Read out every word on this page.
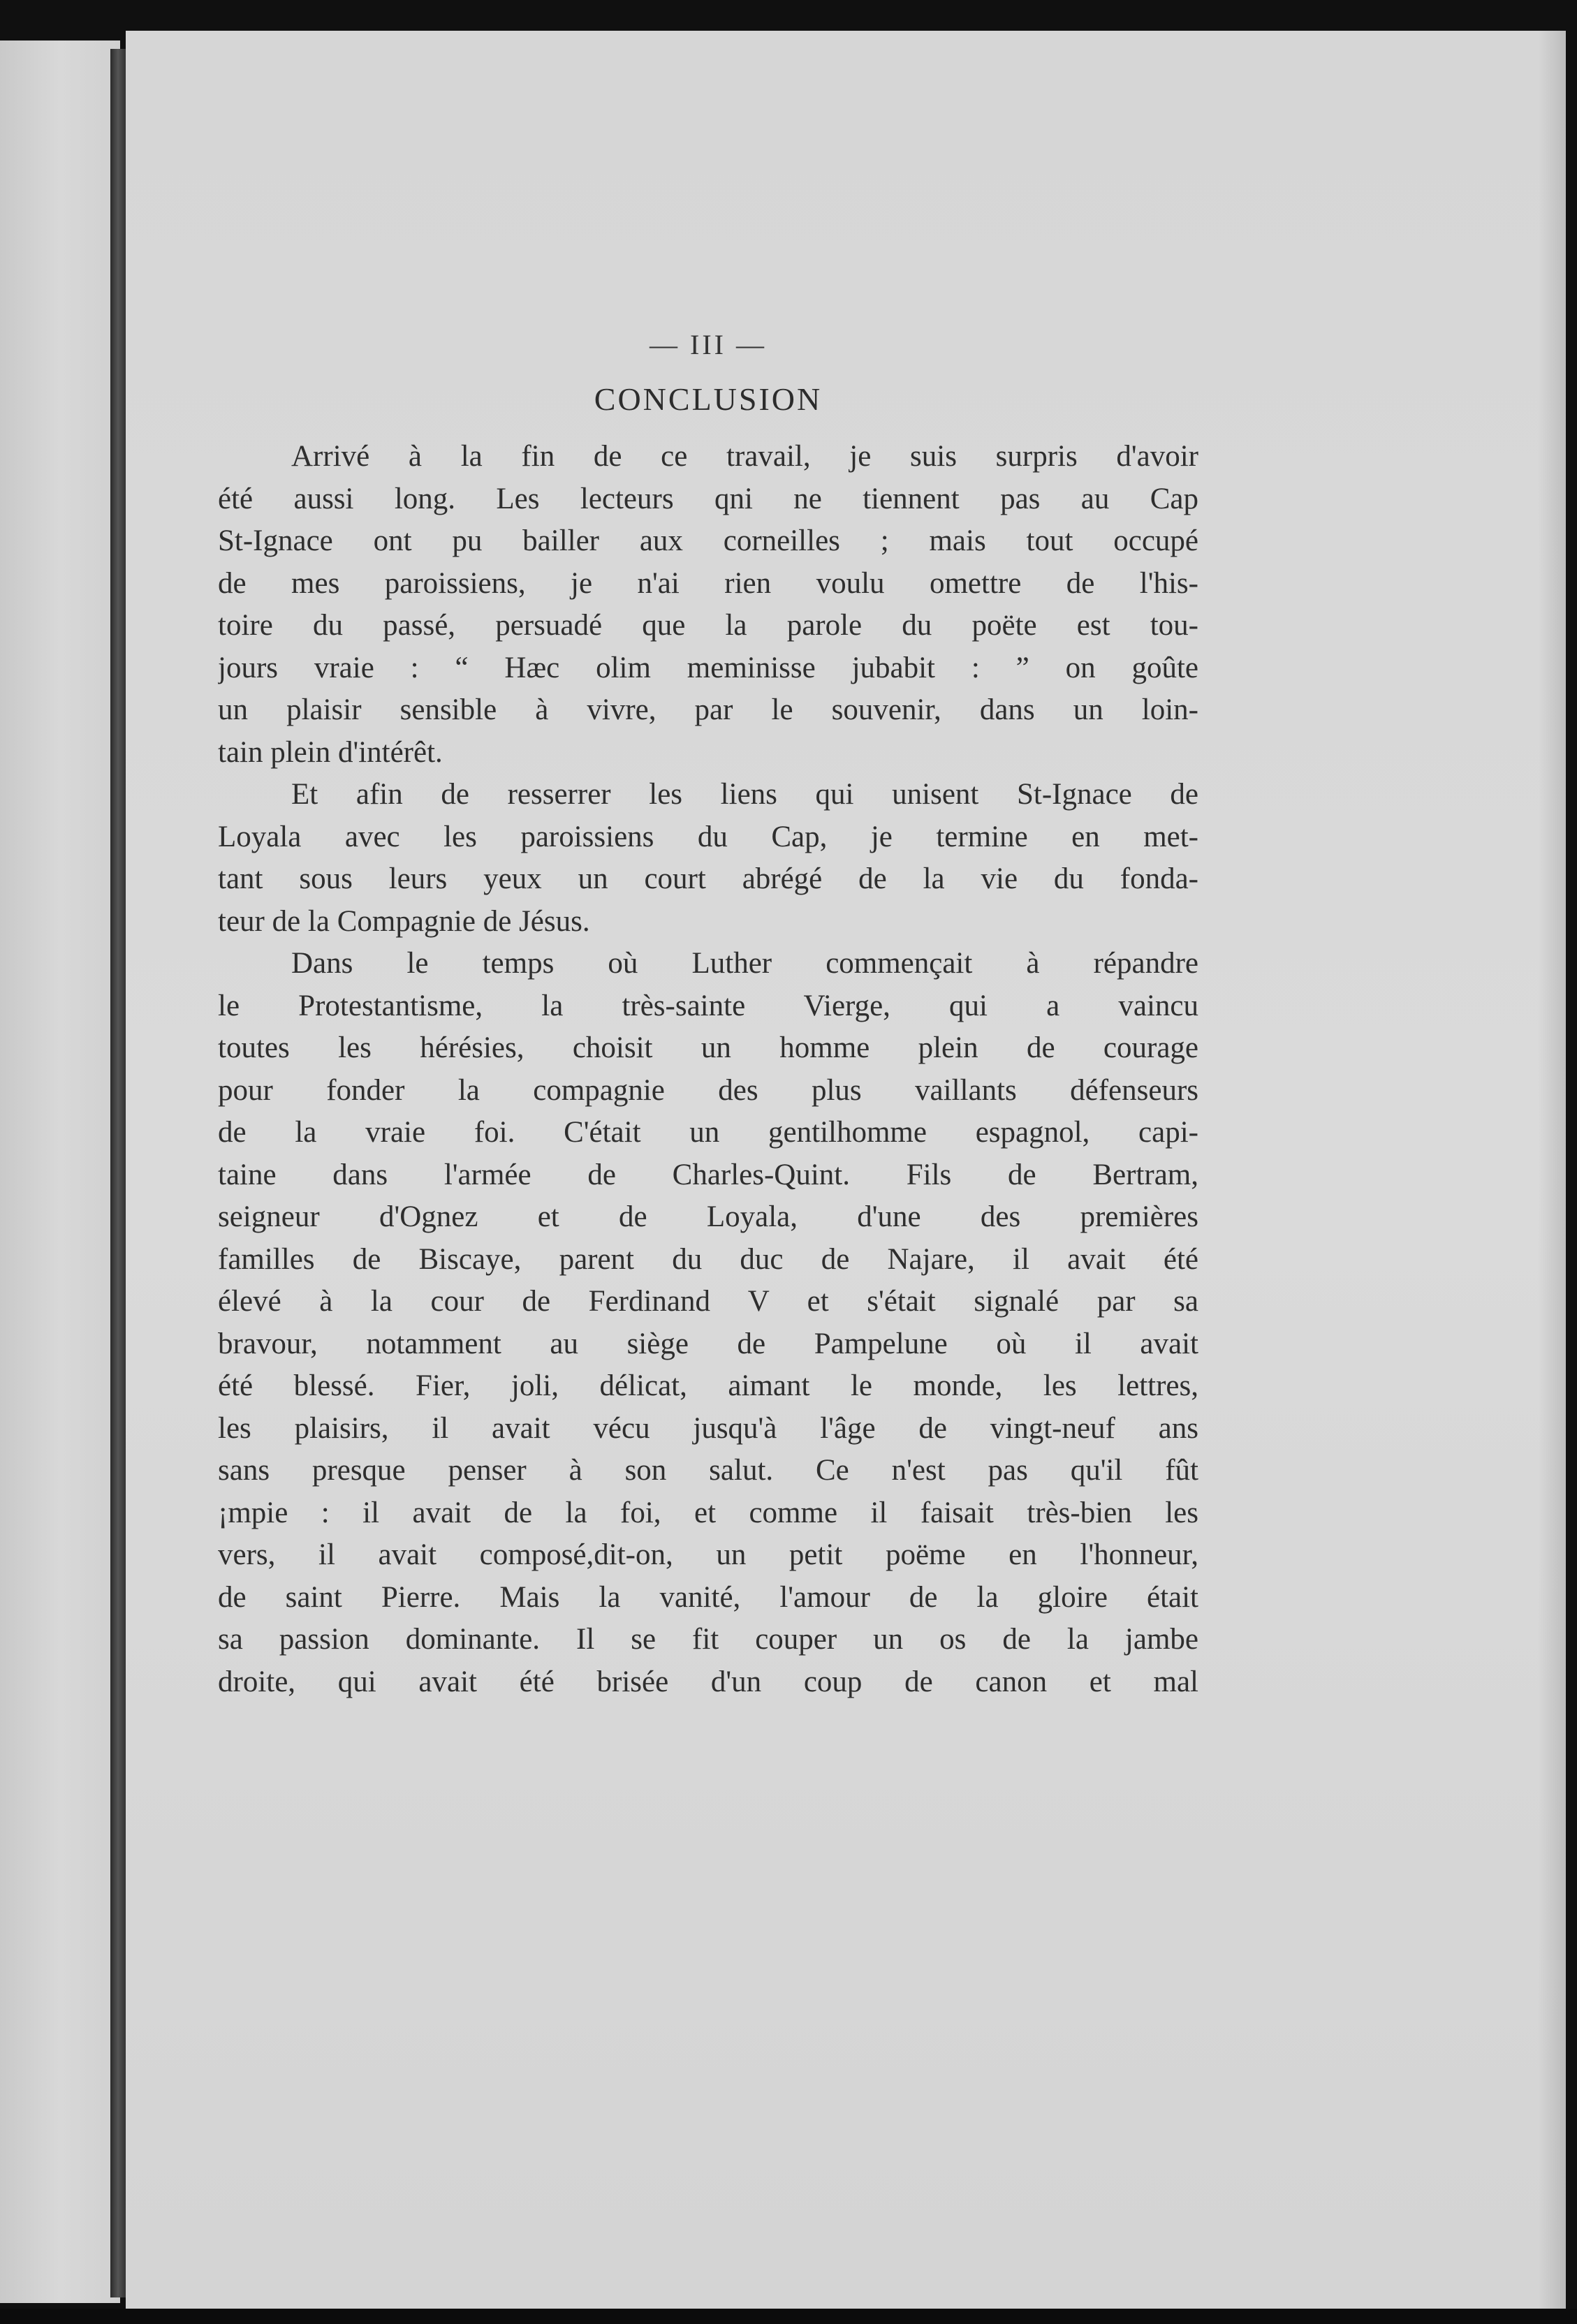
— III —
CONCLUSION
Arrivé à la fin de ce travail, je suis surpris d'avoir
été aussi long. Les lecteurs qni ne tiennent pas au Cap
St-Ignace ont pu bailler aux corneilles ; mais tout occupé
de mes paroissiens, je n'ai rien voulu omettre de l'his-
toire du passé, persuadé que la parole du poëte est tou-
jours vraie : “ Hæc olim meminisse jubabit : ” on goûte
un plaisir sensible à vivre, par le souvenir, dans un loin-
tain plein d'intérêt.
Et afin de resserrer les liens qui unisent St-Ignace de
Loyala avec les paroissiens du Cap, je termine en met-
tant sous leurs yeux un court abrégé de la vie du fonda-
teur de la Compagnie de Jésus.
Dans le temps où Luther commençait à répandre
le Protestantisme, la très-sainte Vierge, qui a vaincu
toutes les hérésies, choisit un homme plein de courage
pour fonder la compagnie des plus vaillants défenseurs
de la vraie foi. C'était un gentilhomme espagnol, capi-
taine dans l'armée de Charles-Quint. Fils de Bertram,
seigneur d'Ognez et de Loyala, d'une des premières
familles de Biscaye, parent du duc de Najare, il avait été
élevé à la cour de Ferdinand V et s'était signalé par sa
bravour, notamment au siège de Pampelune où il avait
été blessé. Fier, joli, délicat, aimant le monde, les lettres,
les plaisirs, il avait vécu jusqu'à l'âge de vingt-neuf ans
sans presque penser à son salut. Ce n'est pas qu'il fût
¡mpie : il avait de la foi, et comme il faisait très-bien les
vers, il avait composé,dit-on, un petit poëme en l'honneur,
de saint Pierre. Mais la vanité, l'amour de la gloire était
sa passion dominante. Il se fit couper un os de la jambe
droite, qui avait été brisée d'un coup de canon et mal
